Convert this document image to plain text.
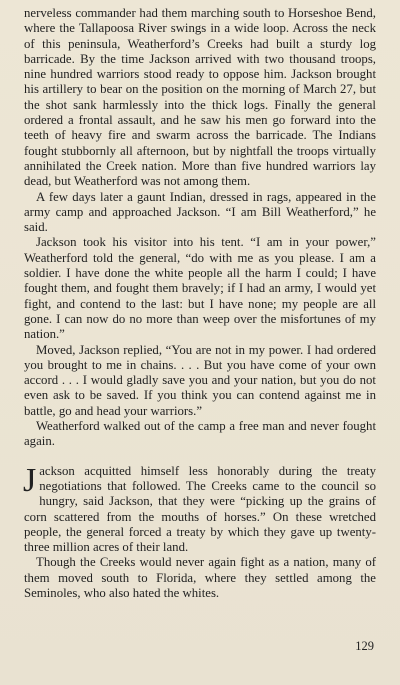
nerveless commander had them marching south to Horseshoe Bend, where the Tallapoosa River swings in a wide loop. Across the neck of this peninsula, Weatherford’s Creeks had built a sturdy log barricade. By the time Jackson arrived with two thousand troops, nine hundred warriors stood ready to oppose him. Jackson brought his artillery to bear on the position on the morning of March 27, but the shot sank harmlessly into the thick logs. Finally the general ordered a frontal assault, and he saw his men go forward into the teeth of heavy fire and swarm across the barricade. The Indians fought stubbornly all afternoon, but by nightfall the troops virtually annihilated the Creek nation. More than five hundred warriors lay dead, but Weatherford was not among them.

A few days later a gaunt Indian, dressed in rags, appeared in the army camp and approached Jackson. “I am Bill Weatherford,” he said.

Jackson took his visitor into his tent. “I am in your power,” Weatherford told the general, “do with me as you please. I am a soldier. I have done the white people all the harm I could; I have fought them, and fought them bravely; if I had an army, I would yet fight, and contend to the last: but I have none; my people are all gone. I can now do no more than weep over the misfortunes of my nation.”

Moved, Jackson replied, “You are not in my power. I had ordered you brought to me in chains. . . . But you have come of your own accord . . . I would gladly save you and your nation, but you do not even ask to be saved. If you think you can contend against me in battle, go and head your warriors.”

Weatherford walked out of the camp a free man and never fought again.

Jackson acquitted himself less honorably during the treaty negotiations that followed. The Creeks came to the council so hungry, said Jackson, that they were “picking up the grains of corn scattered from the mouths of horses.” On these wretched people, the general forced a treaty by which they gave up twenty-three million acres of their land.

Though the Creeks would never again fight as a nation, many of them moved south to Florida, where they settled among the Seminoles, who also hated the whites.

129
